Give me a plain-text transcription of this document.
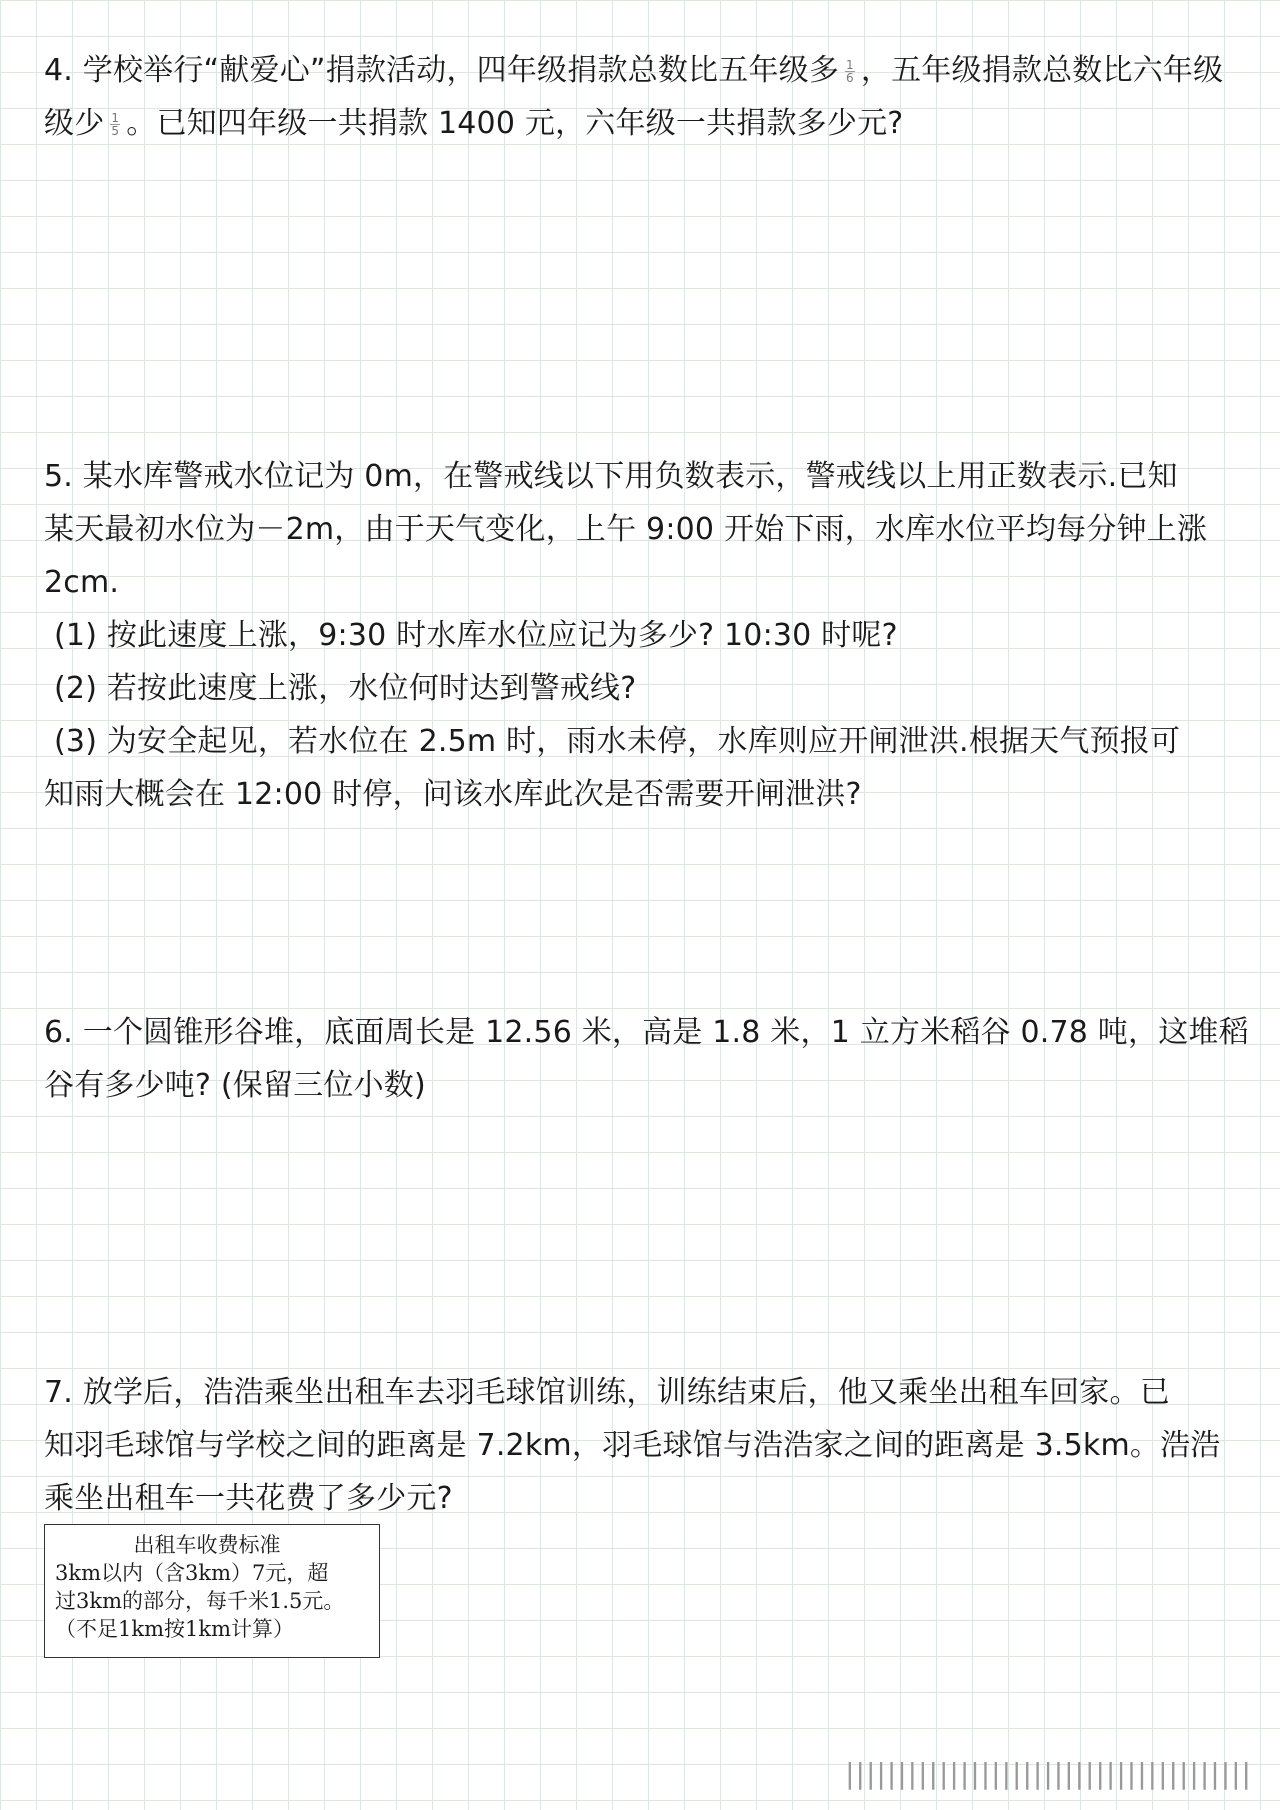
4. 学校举行“献爱心”捐款活动，四年级捐款总数比五年级多 $\frac{1}{6}$ ，五年级捐款总数比六年级
级少 $\frac{1}{5}$ 。已知四年级一共捐款 1400 元，六年级一共捐款多少元?
5. 某水库警戒水位记为 0m，在警戒线以下用负数表示，警戒线以上用正数表示.已知
某天最初水位为－2m，由于天气变化，上午 9:00 开始下雨，水库水位平均每分钟上涨
2cm.
(1) 按此速度上涨，9:30 时水库水位应记为多少? 10:30 时呢?
(2) 若按此速度上涨，水位何时达到警戒线?
(3) 为安全起见，若水位在 2.5m 时，雨水未停，水库则应开闸泄洪.根据天气预报可
知雨大概会在 12:00 时停，问该水库此次是否需要开闸泄洪?
6. 一个圆锥形谷堆，底面周长是 12.56 米，高是 1.8 米，1 立方米稻谷 0.78 吨，这堆稻
谷有多少吨? (保留三位小数)
7. 放学后，浩浩乘坐出租车去羽毛球馆训练，训练结束后，他又乘坐出租车回家。已
知羽毛球馆与学校之间的距离是 7.2km，羽毛球馆与浩浩家之间的距离是 3.5km。浩浩
乘坐出租车一共花费了多少元?
出租车收费标准
3km以内（含3km）7元，超
过3km的部分，每千米1.5元。
（不足1km按1km计算）
|||||||||||||||||||||||||||||||||||||||
